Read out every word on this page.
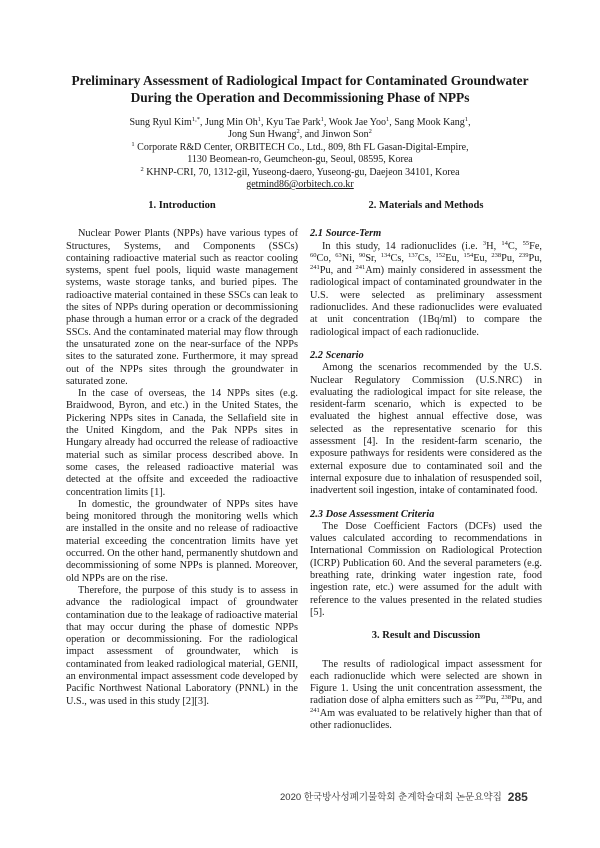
Preliminary Assessment of Radiological Impact for Contaminated Groundwater
During the Operation and Decommissioning Phase of NPPs
Sung Ryul Kim$^{1,*}$, Jung Min Oh$^1$, Kyu Tae Park$^1$, Wook Jae Yoo$^1$, Sang Mook Kang$^1$,
Jong Sun Hwang$^2$, and Jinwon Son$^2$
$^1$ Corporate R&D Center, ORBITECH Co., Ltd., 809, 8th FL Gasan-Digital-Empire,
1130 Beomean-ro, Geumcheon-gu, Seoul, 08595, Korea
$^2$ KHNP-CRI, 70, 1312-gil, Yuseong-daero, Yuseong-gu, Daejeon 34101, Korea
getmind86@orbitech.co.kr
1. Introduction

Nuclear Power Plants (NPPs) have various types of Structures, Systems, and Components (SSCs) containing radioactive material such as reactor cooling systems, spent fuel pools, liquid waste management systems, waste storage tanks, and buried pipes. The radioactive material contained in these SSCs can leak to the sites of NPPs during operation or decommissioning phase through a human error or a crack of the degraded SSCs. And the contaminated material may flow through the unsaturated zone on the near-surface of the NPPs sites to the saturated zone. Furthermore, it may spread out of the NPPs sites through the groundwater in saturated zone.

In the case of overseas, the 14 NPPs sites (e.g. Braidwood, Byron, and etc.) in the United States, the Pickering NPPs sites in Canada, the Sellafield site in the United Kingdom, and the Pak NPPs sites in Hungary already had occurred the release of radioactive material such as similar process described above. In some cases, the released radioactive material was detected at the offsite and exceeded the radioactive concentration limits [1].

In domestic, the groundwater of NPPs sites have being monitored through the monitoring wells which are installed in the onsite and no release of radioactive material exceeding the concentration limits have yet occurred. On the other hand, permanently shutdown and decommissioning of some NPPs is planned. Moreover, old NPPs are on the rise.

Therefore, the purpose of this study is to assess in advance the radiological impact of groundwater contamination due to the leakage of radioactive material that may occur during the phase of domestic NPPs operation or decommissioning. For the radiological impact assessment of groundwater, which is contaminated from leaked radiological material, GENII, an environmental impact assessment code developed by Pacific Northwest National Laboratory (PNNL) in the U.S., was used in this study [2][3].

2. Materials and Methods
2.1 Source-Term

In this study, 14 radionuclides (i.e. $^3$H, $^{14}$C, $^{55}$Fe, $^{60}$Co, $^{63}$Ni, $^{90}$Sr, $^{134}$Cs, $^{137}$Cs, $^{152}$Eu, $^{154}$Eu, $^{238}$Pu, $^{239}$Pu, $^{241}$Pu, and $^{241}$Am) mainly considered in assessment the radiological impact of contaminated groundwater in the U.S. were selected as preliminary assessment radionuclides. And these radionuclides were evaluated at unit concentration (1Bq/ml) to compare the radiological impact of each radionuclide.

2.2 Scenario

Among the scenarios recommended by the U.S. Nuclear Regulatory Commission (U.S.NRC) in evaluating the radiological impact for site release, the resident-farm scenario, which is expected to be evaluated the highest annual effective dose, was selected as the representative scenario for this assessment [4]. In the resident-farm scenario, the exposure pathways for residents were considered as the external exposure due to contaminated soil and the internal exposure due to inhalation of resuspended soil, inadvertent soil ingestion, intake of contaminated food.

2.3 Dose Assessment Criteria

The Dose Coefficient Factors (DCFs) used the values calculated according to recommendations in International Commission on Radiological Protection (ICRP) Publication 60. And the several parameters (e.g. breathing rate, drinking water ingestion rate, food ingestion rate, etc.) were assumed for the adult with reference to the values presented in the related studies [5].

3. Result and Discussion

The results of radiological impact assessment for each radionuclide which were selected are shown in Figure 1. Using the unit concentration assessment, the radiation dose of alpha emitters such as $^{239}$Pu, $^{238}$Pu, and $^{241}$Am was evaluated to be relatively higher than that of other radionuclides.

2020 한국방사성폐기물학회 춘계학술대회 논문요약집 285
